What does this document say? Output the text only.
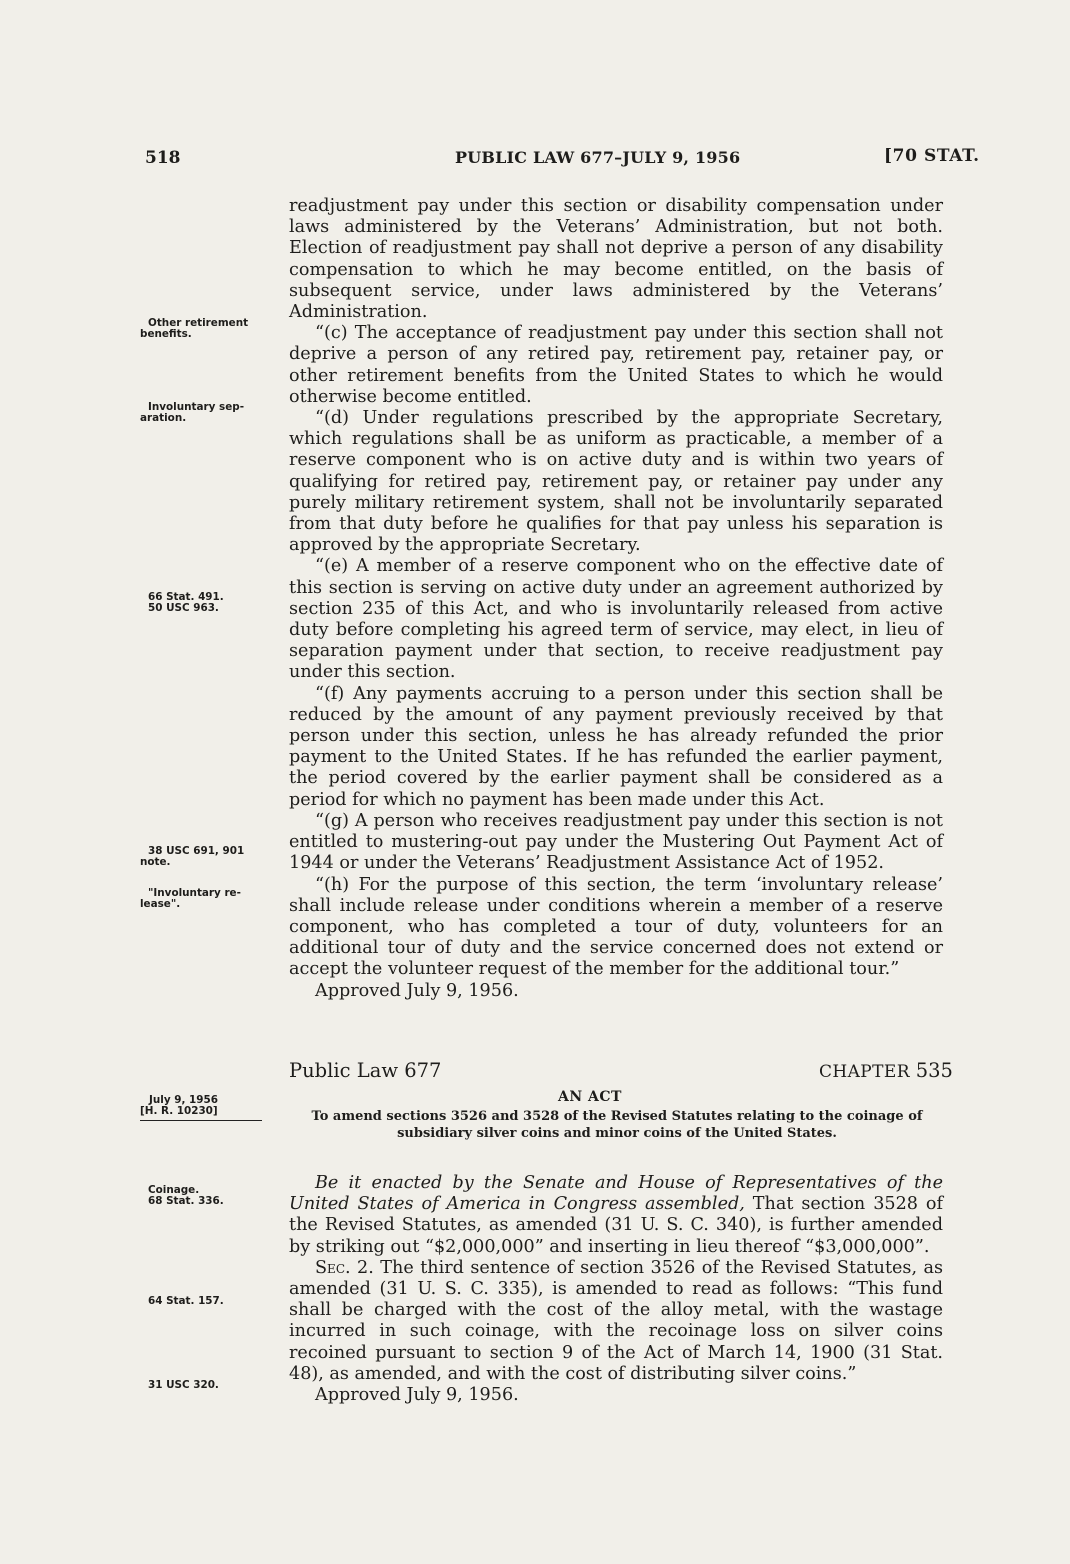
518	PUBLIC LAW 677–JULY 9, 1956	[70 STAT.
Other retirement
benefits.
Involuntary sep-
aration.
66 Stat. 491.
50 USC 963.
38 USC 691, 901
note.
"Involuntary re-
lease".
July 9, 1956
[H. R. 10230]
Coinage.
68 Stat. 336.
64 Stat. 157.
31 USC 320.

readjustment pay under this section or disability compensation under laws administered by the Veterans’ Administration, but not both. Election of readjustment pay shall not deprive a person of any disability compensation to which he may become entitled, on the basis of subsequent service, under laws administered by the Veterans’ Administration.

“(c) The acceptance of readjustment pay under this section shall not deprive a person of any retired pay, retirement pay, retainer pay, or other retirement benefits from the United States to which he would otherwise become entitled.

“(d) Under regulations prescribed by the appropriate Secretary, which regulations shall be as uniform as practicable, a member of a reserve component who is on active duty and is within two years of qualifying for retired pay, retirement pay, or retainer pay under any purely military retirement system, shall not be involuntarily separated from that duty before he qualifies for that pay unless his separation is approved by the appropriate Secretary.

“(e) A member of a reserve component who on the effective date of this section is serving on active duty under an agreement authorized by section 235 of this Act, and who is involuntarily released from active duty before completing his agreed term of service, may elect, in lieu of separation payment under that section, to receive readjustment pay under this section.

“(f) Any payments accruing to a person under this section shall be reduced by the amount of any payment previously received by that person under this section, unless he has already refunded the prior payment to the United States. If he has refunded the earlier payment, the period covered by the earlier payment shall be considered as a period for which no payment has been made under this Act.

“(g) A person who receives readjustment pay under this section is not entitled to mustering-out pay under the Mustering Out Payment Act of 1944 or under the Veterans’ Readjustment Assistance Act of 1952.

“(h) For the purpose of this section, the term ‘involuntary release’ shall include release under conditions wherein a member of a reserve component, who has completed a tour of duty, volunteers for an additional tour of duty and the service concerned does not extend or accept the volunteer request of the member for the additional tour.”

Approved July 9, 1956.

Public Law 677	CHAPTER 535
AN ACT
To amend sections 3526 and 3528 of the Revised Statutes relating to the coinage of subsidiary silver coins and minor coins of the United States.

Be it enacted by the Senate and House of Representatives of the United States of America in Congress assembled, That section 3528 of the Revised Statutes, as amended (31 U. S. C. 340), is further amended by striking out “$2,000,000” and inserting in lieu thereof “$3,000,000”.

Sec. 2. The third sentence of section 3526 of the Revised Statutes, as amended (31 U. S. C. 335), is amended to read as follows: “This fund shall be charged with the cost of the alloy metal, with the wastage incurred in such coinage, with the recoinage loss on silver coins recoined pursuant to section 9 of the Act of March 14, 1900 (31 Stat. 48), as amended, and with the cost of distributing silver coins.”

Approved July 9, 1956.
